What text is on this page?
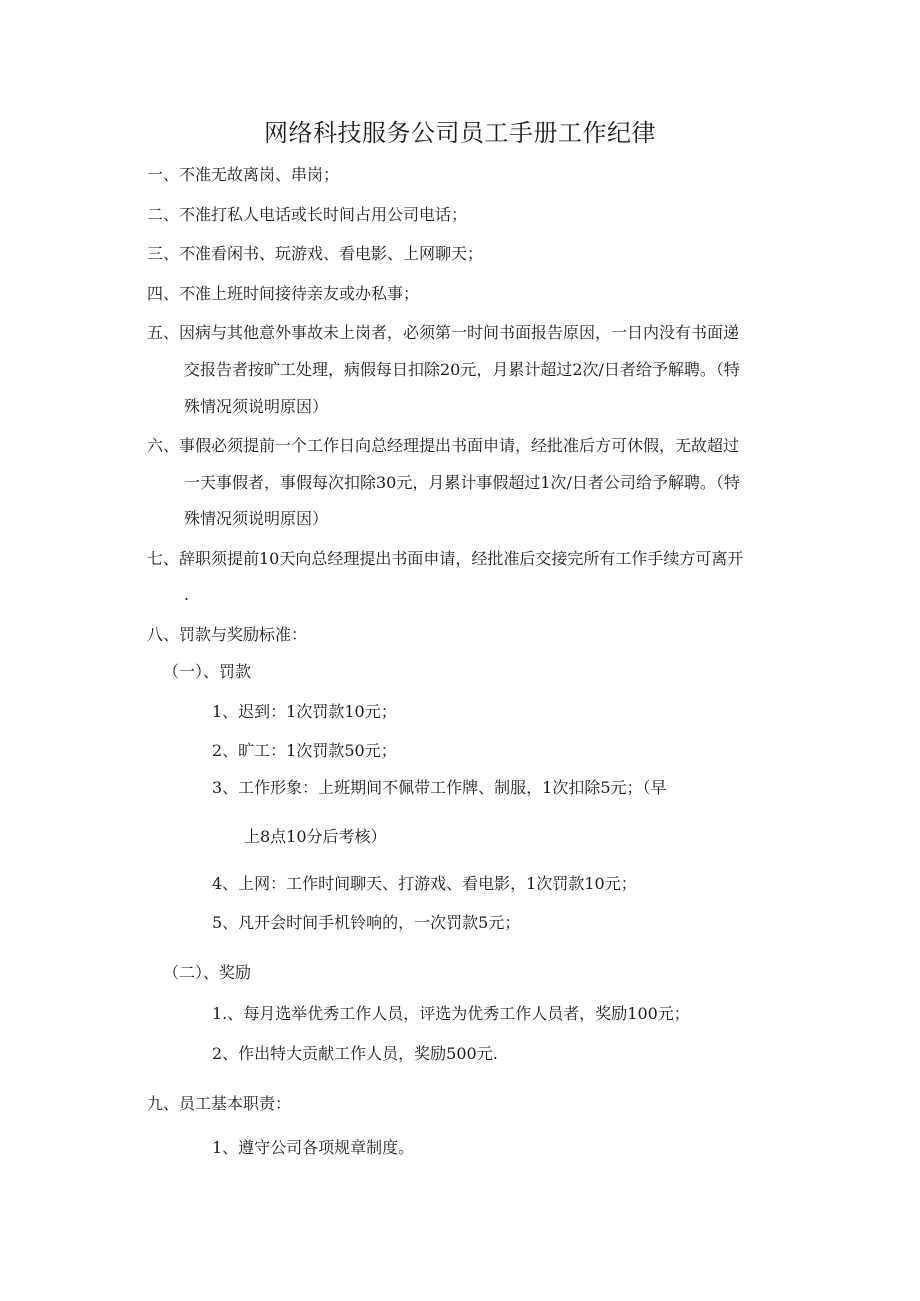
网络科技服务公司员工手册工作纪律
一、不准无故离岗、串岗；
二、不准打私人电话或长时间占用公司电话；
三、不准看闲书、玩游戏、看电影、上网聊天；
四、不准上班时间接待亲友或办私事；
五、因病与其他意外事故未上岗者，必须第一时间书面报告原因，一日内没有书面递
交报告者按旷工处理，病假每日扣除20元，月累计超过2次/日者给予解聘。（特
殊情况须说明原因）
六、事假必须提前一个工作日向总经理提出书面申请，经批准后方可休假，无故超过
一天事假者，事假每次扣除30元，月累计事假超过1次/日者公司给予解聘。（特
殊情况须说明原因）
七、辞职须提前10天向总经理提出书面申请，经批准后交接完所有工作手续方可离开
.
八、罚款与奖励标准：
（一）、罚款
1、迟到：1次罚款10元；
2、旷工：1次罚款50元；
3、工作形象：上班期间不佩带工作牌、制服，1次扣除5元；（早
上8点10分后考核）
4、上网：工作时间聊天、打游戏、看电影，1次罚款10元；
5、凡开会时间手机铃响的，一次罚款5元；
（二）、奖励
1.、每月选举优秀工作人员，评选为优秀工作人员者，奖励100元；
2、作出特大贡献工作人员，奖励500元.
九、员工基本职责：
1、遵守公司各项规章制度。
